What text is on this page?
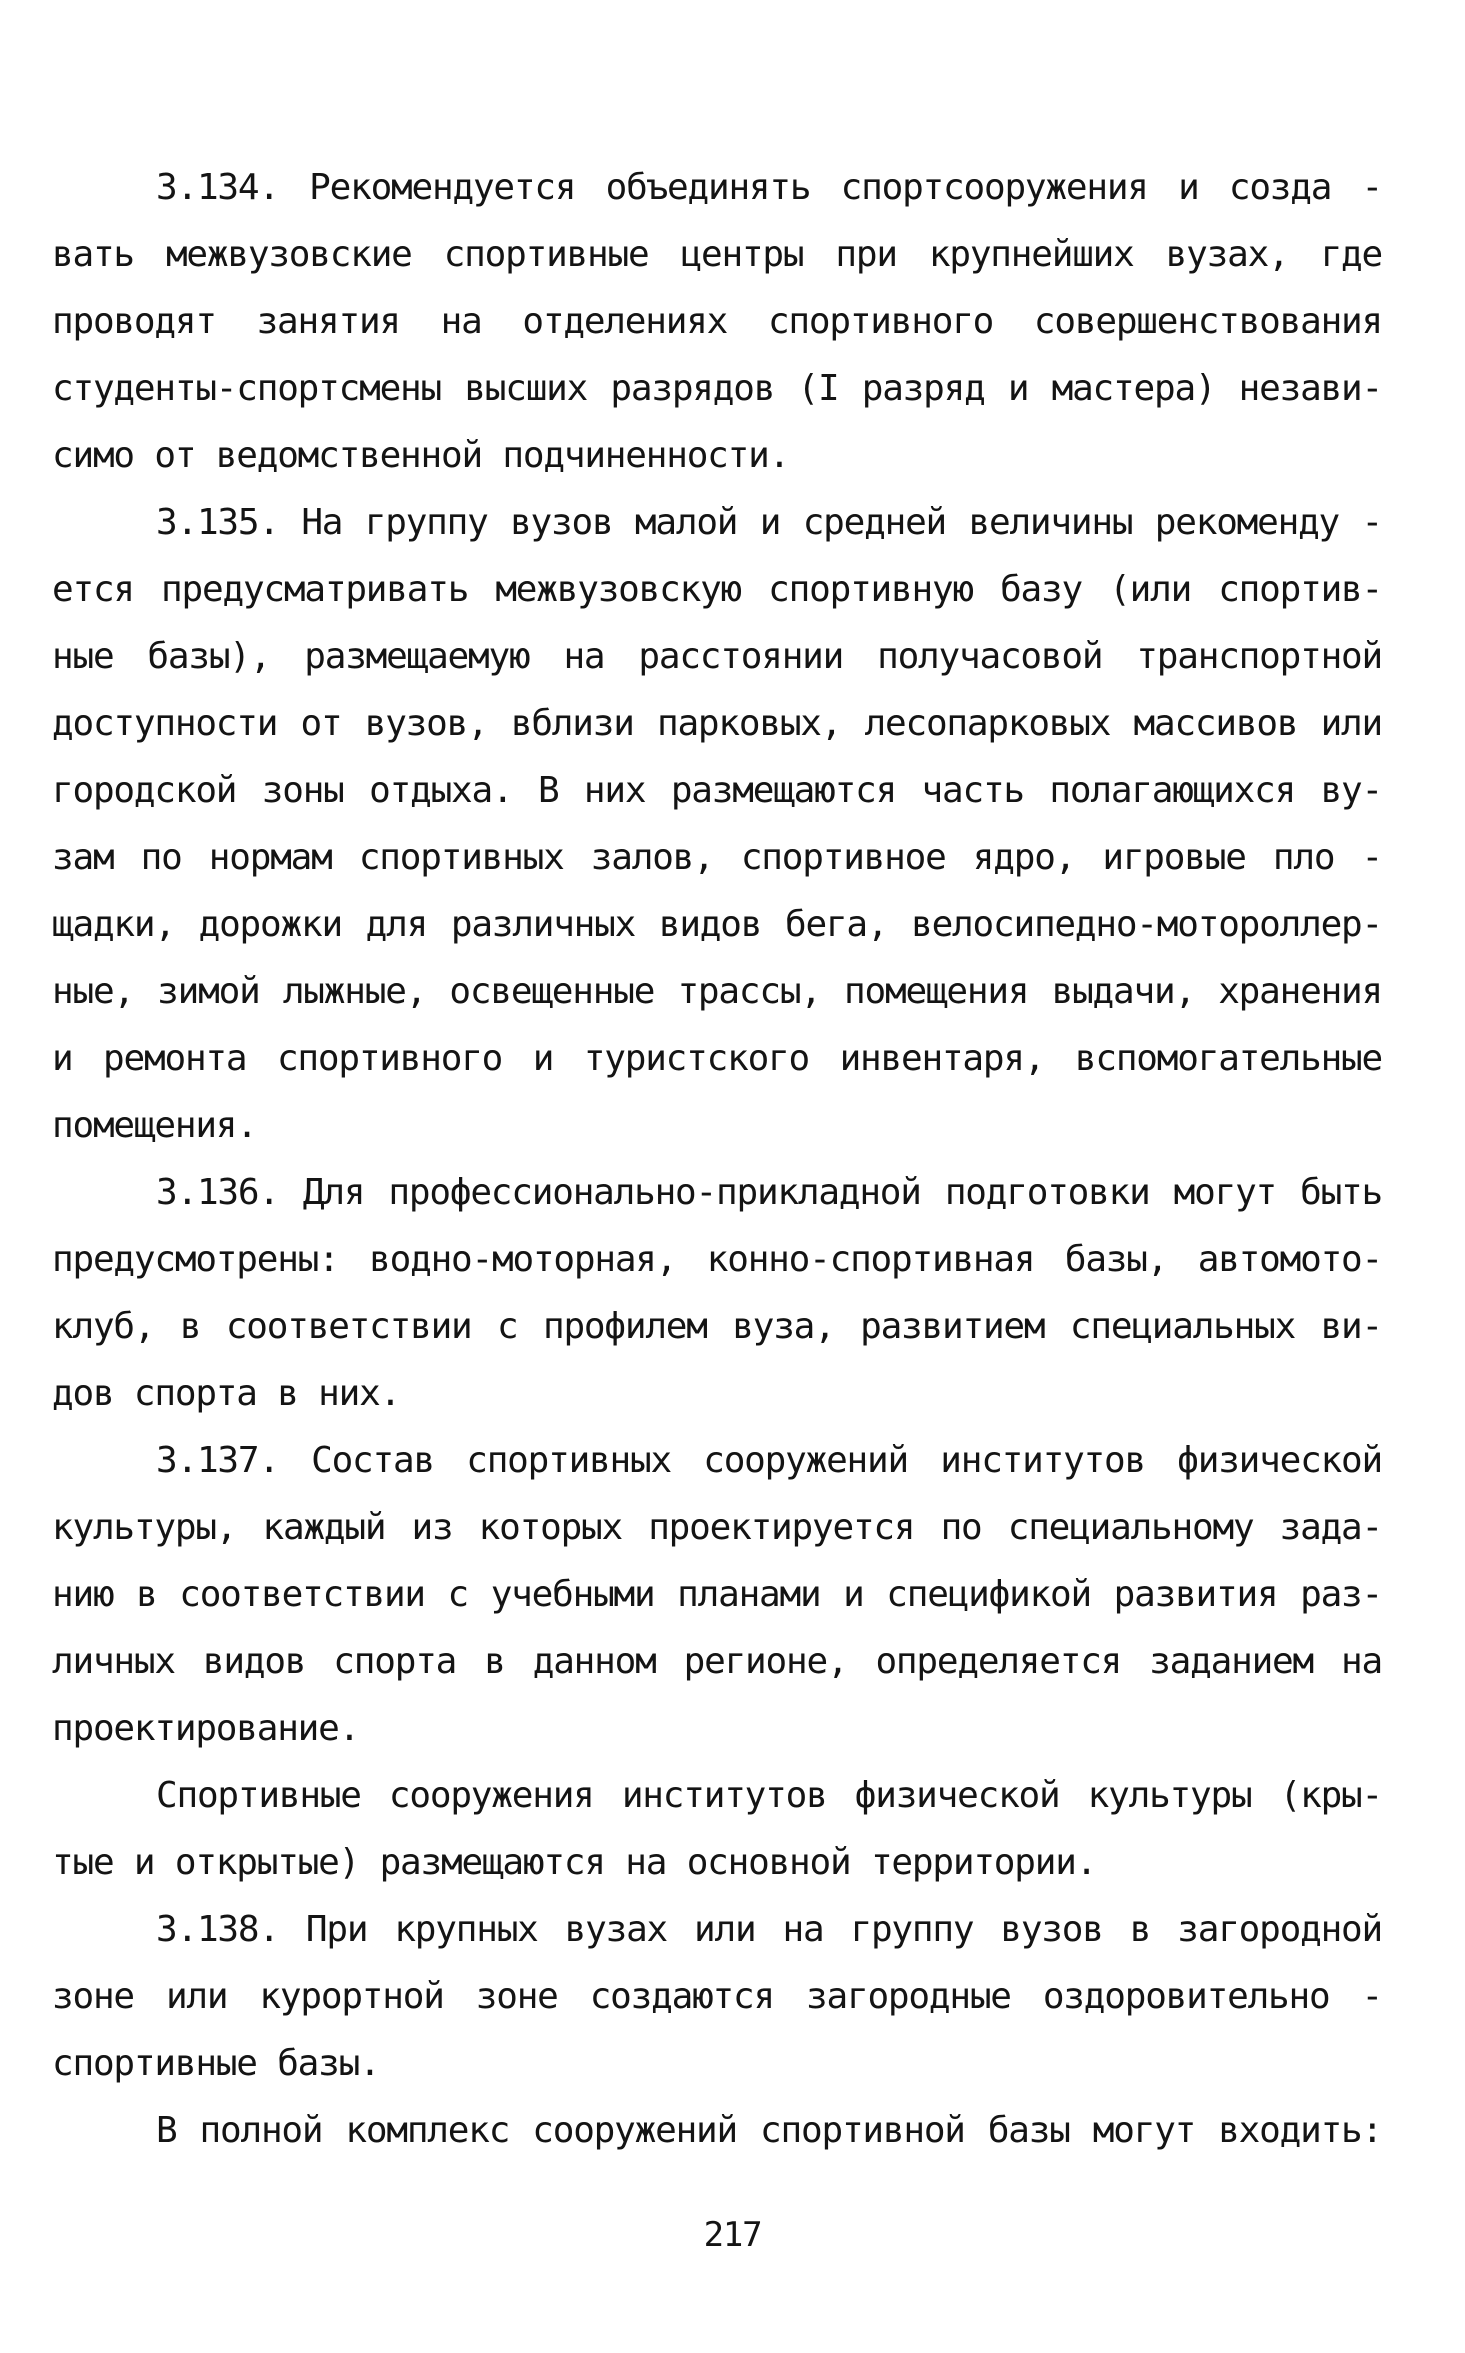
3.134. Рекомендуется объединять спортсооружения и созда -
вать межвузовские спортивные центры при крупнейших вузах, где
проводят занятия на отделениях спортивного совершенствования
студенты-спортсмены высших разрядов (I разряд и мастера) незави-
симо от ведомственной подчиненности.
3.135. На группу вузов малой и средней величины рекоменду -
ется предусматривать межвузовскую спортивную базу (или спортив-
ные базы), размещаемую на расстоянии получасовой транспортной
доступности от вузов, вблизи парковых, лесопарковых массивов или
городской зоны отдыха. В них размещаются часть полагающихся ву-
зам по нормам спортивных залов, спортивное ядро, игровые пло -
щадки, дорожки для различных видов бега, велосипедно-мотороллер-
ные, зимой лыжные, освещенные трассы, помещения выдачи, хранения
и ремонта спортивного и туристского инвентаря, вспомогательные
помещения.
3.136. Для профессионально-прикладной подготовки могут быть
предусмотрены: водно-моторная, конно-спортивная базы, автомото-
клуб, в соответствии с профилем вуза, развитием специальных ви-
дов спорта в них.
3.137. Состав спортивных сооружений институтов физической
культуры, каждый из которых проектируется по специальному зада-
нию в соответствии с учебными планами и спецификой развития раз-
личных видов спорта в данном регионе, определяется заданием на
проектирование.
Спортивные сооружения институтов физической культуры (кры-
тые и открытые) размещаются на основной территории.
3.138. При крупных вузах или на группу вузов в загородной
зоне или курортной зоне создаются загородные оздоровительно -
спортивные базы.
В полной комплекс сооружений спортивной базы могут входить:
217
